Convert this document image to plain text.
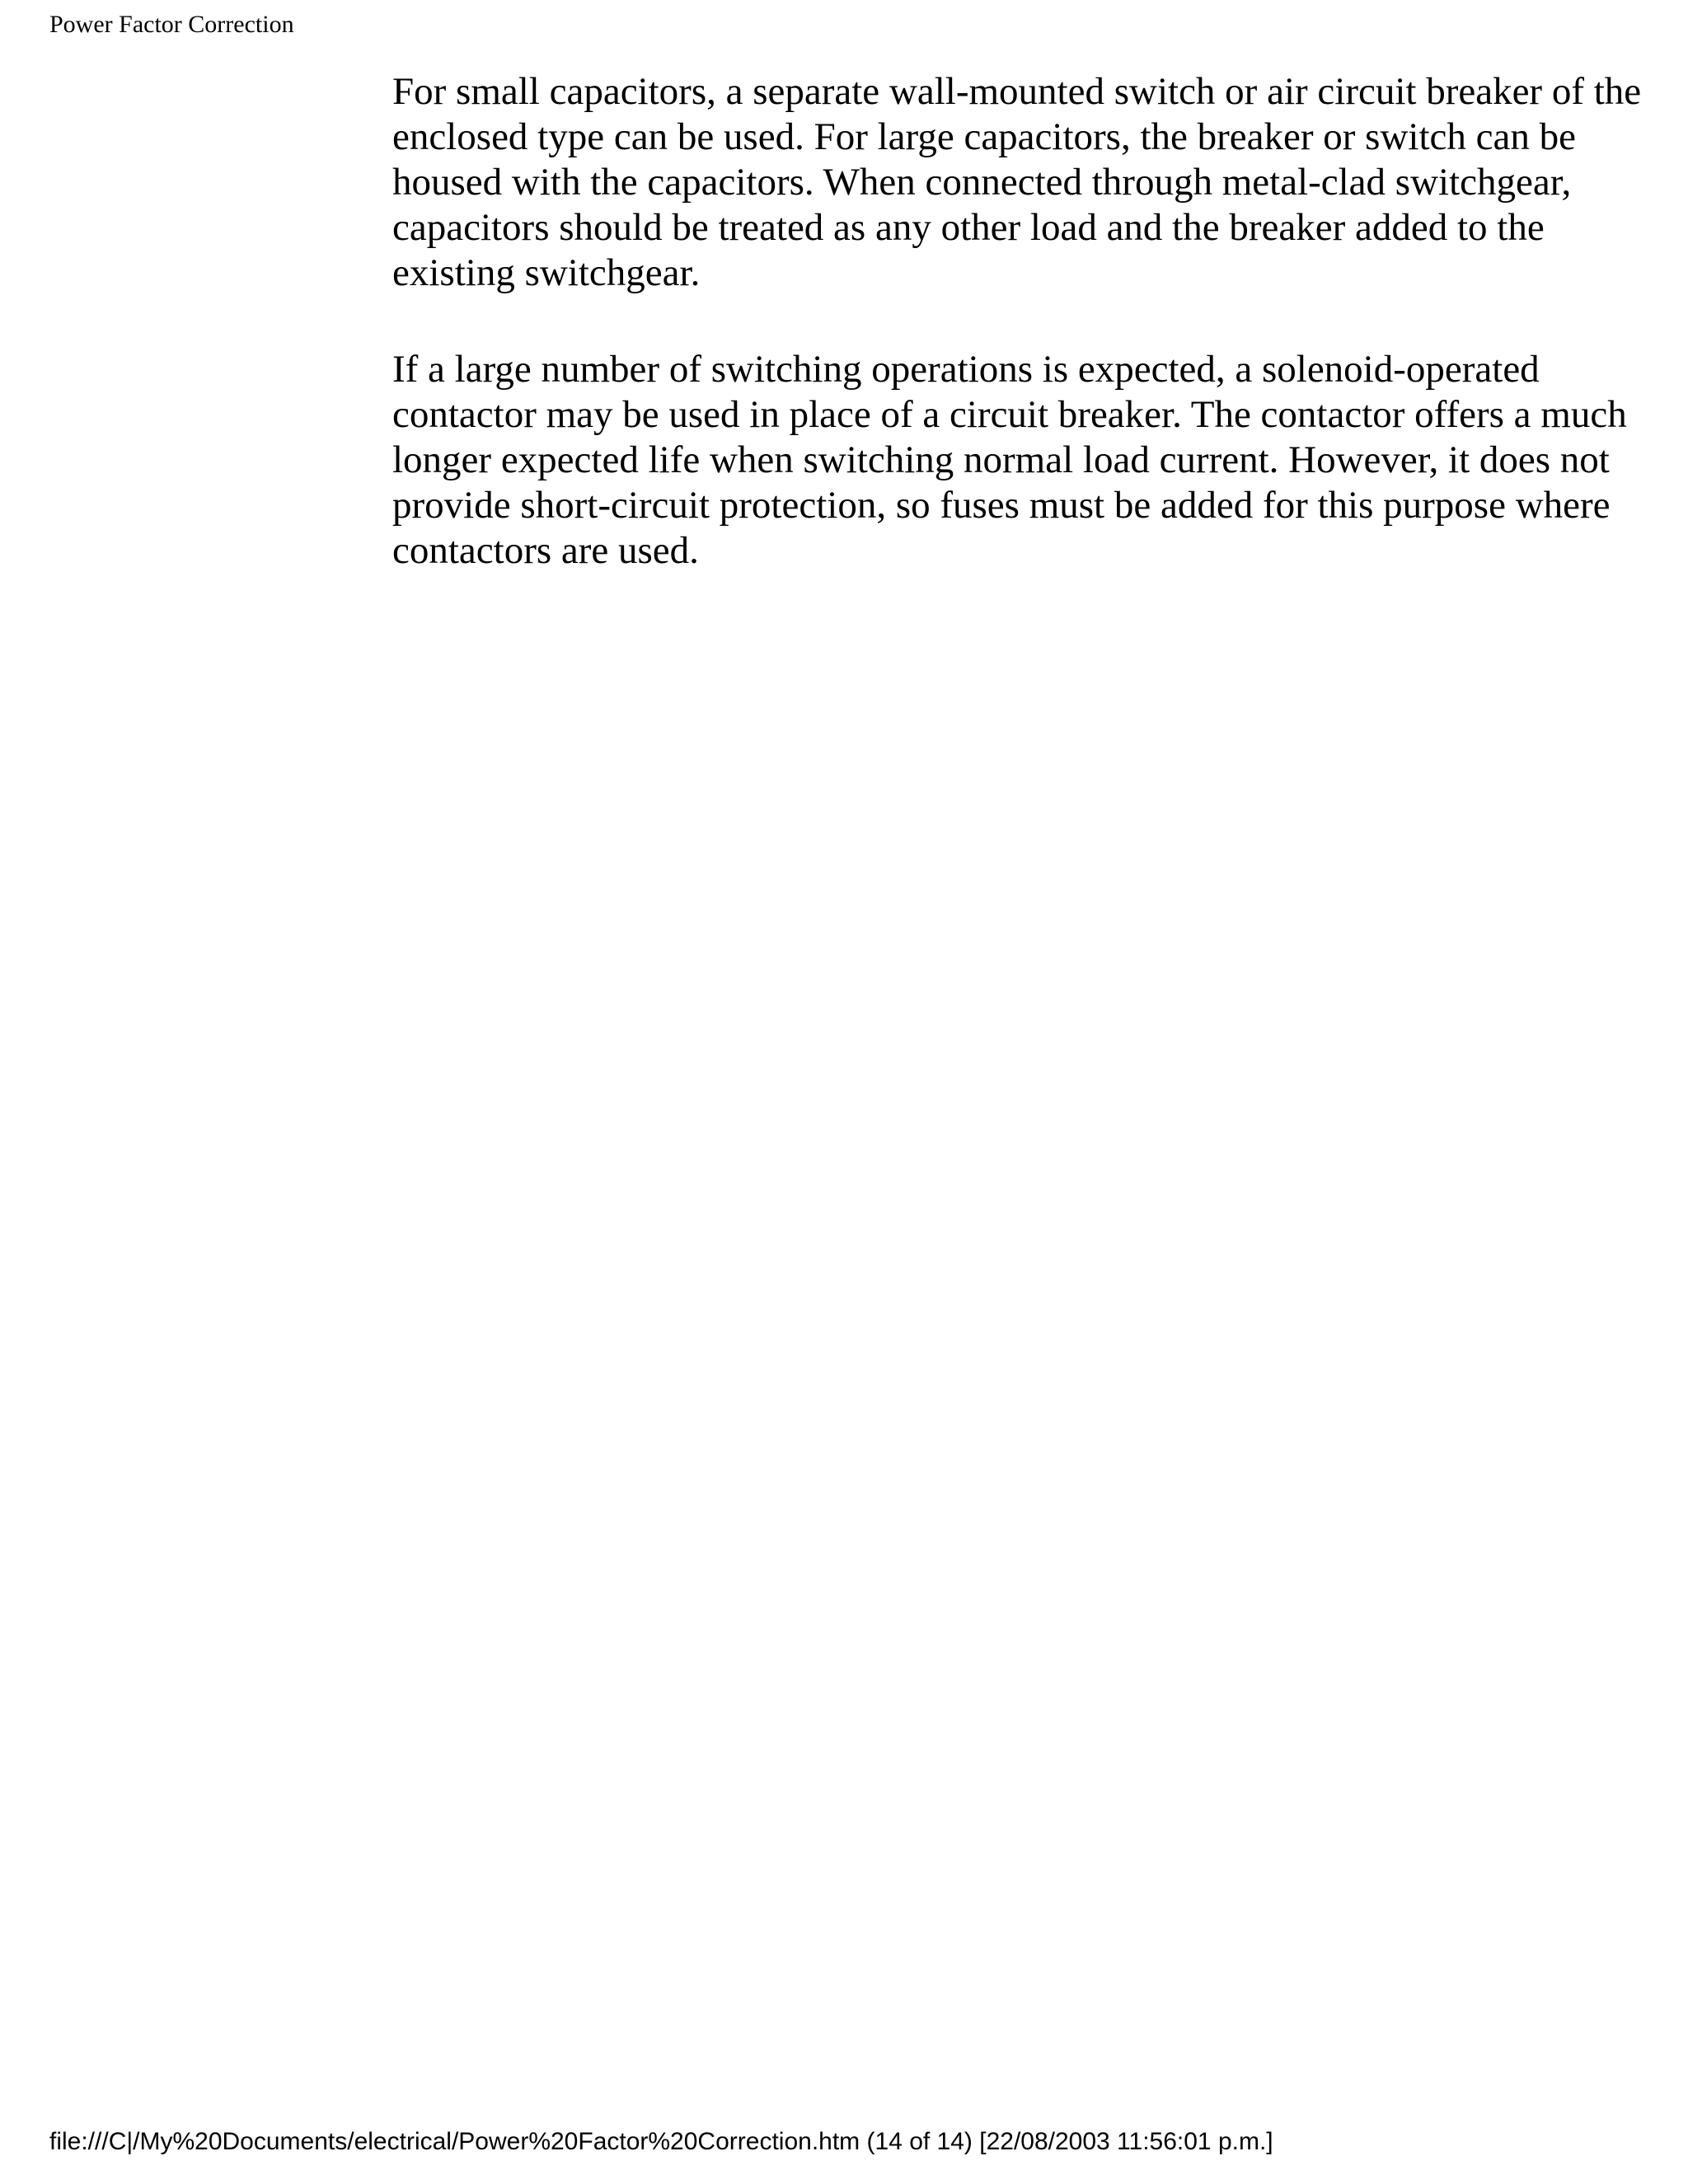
Power Factor Correction

For small capacitors, a separate wall-mounted switch or air circuit breaker of the enclosed type can be used. For large capacitors, the breaker or switch can be housed with the capacitors. When connected through metal-clad switchgear, capacitors should be treated as any other load and the breaker added to the existing switchgear.

If a large number of switching operations is expected, a solenoid-operated contactor may be used in place of a circuit breaker. The contactor offers a much longer expected life when switching normal load current. However, it does not provide short-circuit protection, so fuses must be added for this purpose where contactors are used.

file:///C|/My%20Documents/electrical/Power%20Factor%20Correction.htm (14 of 14) [22/08/2003 11:56:01 p.m.]
